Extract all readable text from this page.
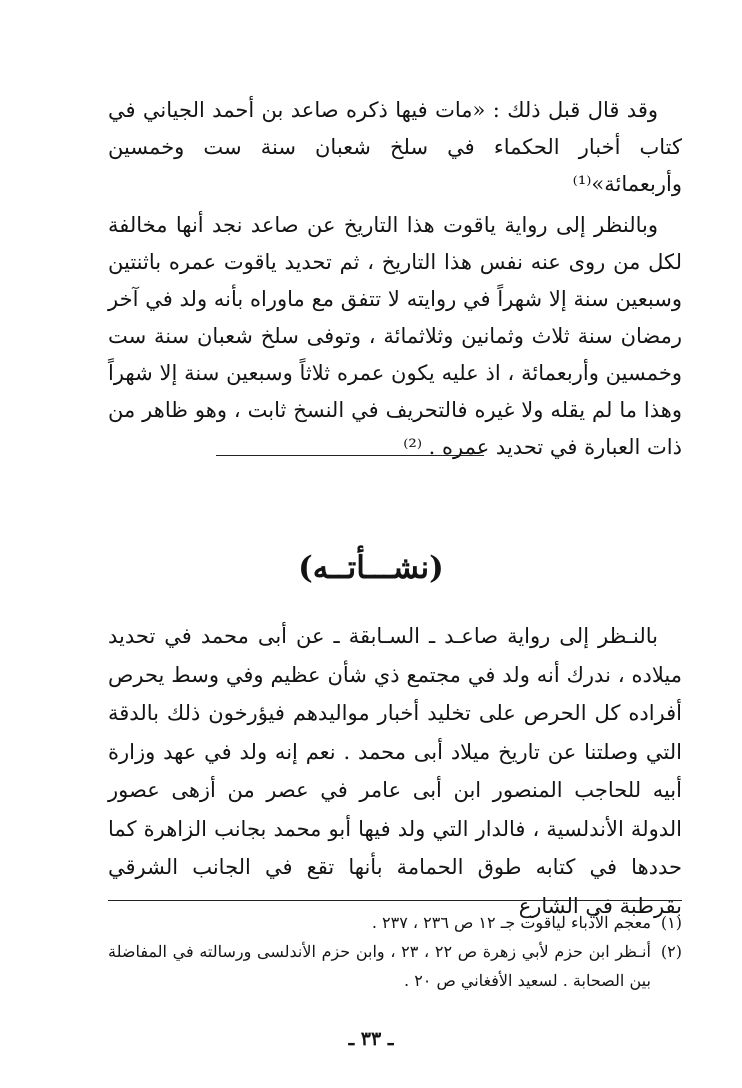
وقد قال قبل ذلك : «مات فيها ذكره صاعد بن أحمد الجياني في كتاب أخبار الحكماء في سلخ شعبان سنة ست وخمسين وأربعمائة»⁽¹⁾

وبالنظر إلى رواية ياقوت هذا التاريخ عن صاعد نجد أنها مخالفة لكل من روى عنه نفس هذا التاريخ ، ثم تحديد ياقوت عمره باثنتين وسبعين سنة إلا شهراً في روايته لا تتفق مع ماوراه بأنه ولد في آخر رمضان سنة ثلاث وثمانين وثلاثمائة ، وتوفى سلخ شعبان سنة ست وخمسين وأربعمائة ، اذ عليه يكون عمره ثلاثاً وسبعين سنة إلا شهراً وهذا ما لم يقله ولا غيره فالتحريف في النسخ ثابت ، وهو ظاهر من ذات العبارة في تحديد عمره . ⁽²⁾

(نشـــأتــه)

بالنـظر إلى رواية صاعـد ـ السـابقة ـ عن أبى محمد في تحديد ميلاده ، ندرك أنه ولد في مجتمع ذي شأن عظيم وفي وسط يحرص أفراده كل الحرص على تخليد أخبار مواليدهم فيؤرخون ذلك بالدقة التي وصلتنا عن تاريخ ميلاد أبى محمد . نعم إنه ولد في عهد وزارة أبيه للحاجب المنصور ابن أبى عامر في عصر من أزهى عصور الدولة الأندلسية ، فالدار التي ولد فيها أبو محمد بجانب الزاهرة كما حددها في كتابه طوق الحمامة بأنها تقع في الجانب الشرقي بقرطبة في الشارع

(١)
معجم الأدباء لياقوت جـ ١٢ ص ٢٣٦ ، ٢٣٧ .
(٢)
أنـظر ابن حزم لأبي زهرة ص ٢٢ ، ٢٣ ، وابن حزم الأندلسى ورسالته في المفاضلة بين الصحابة . لسعيد الأفغاني ص ٢٠ .
ـ ٣٣ ـ
